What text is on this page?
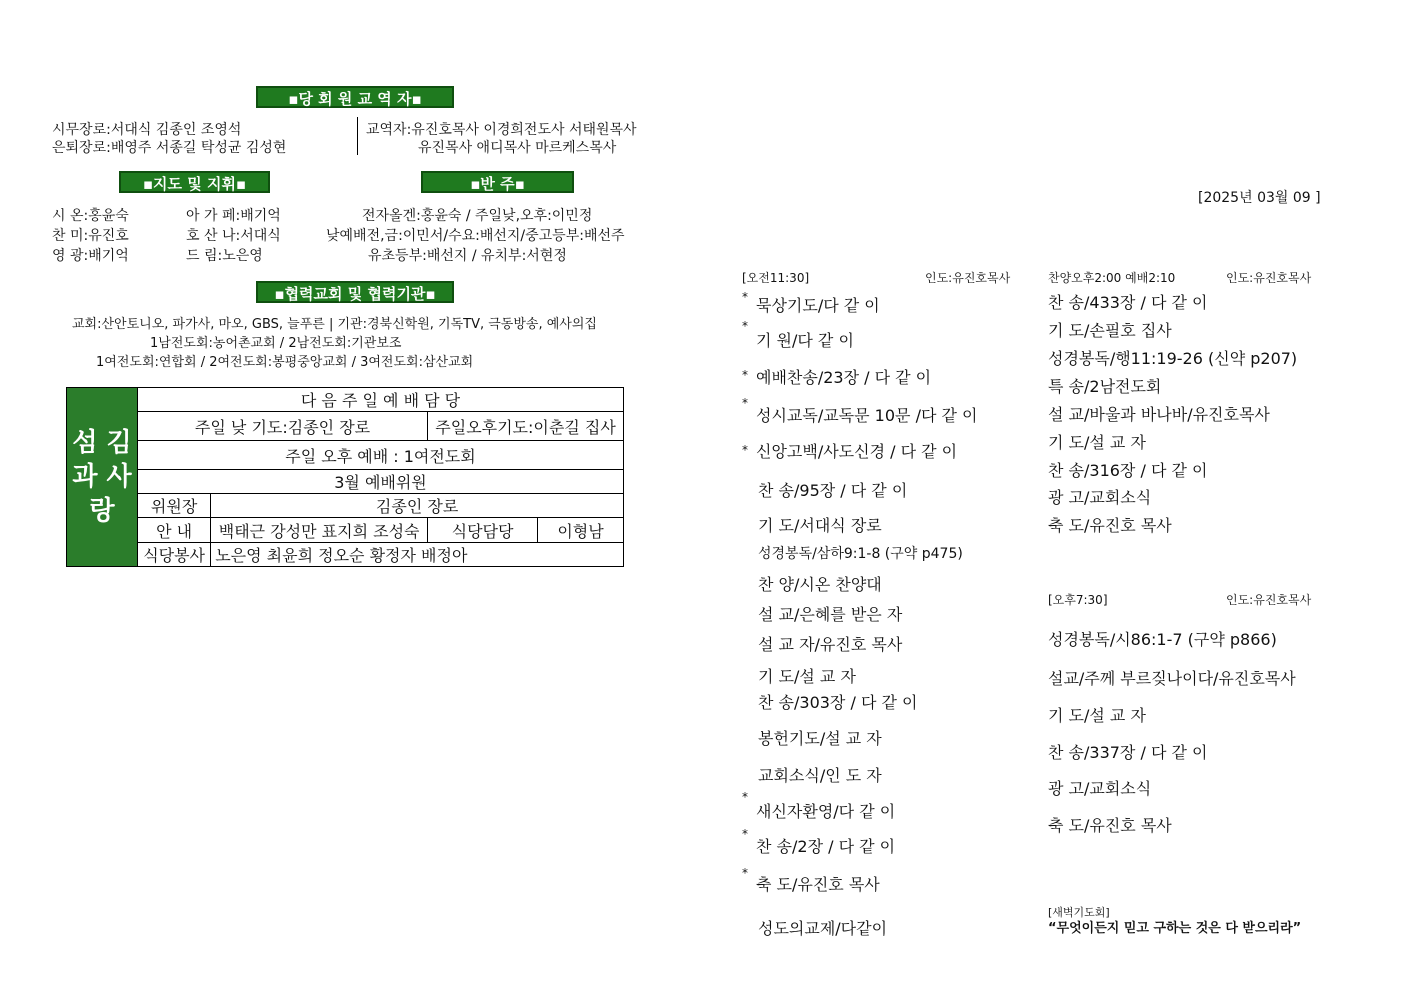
▪당 회 원 교 역 자▪
시무장로:서대식 김종인 조영석
은퇴장로:배영주 서종길 탁성균 김성현
교역자:유진호목사 이경희전도사 서태원목사
유진목사 애디목사 마르케스목사
▪지도 및 지휘▪	▪반 주▪
시 온:홍윤숙	아 가 페:배기억
찬 미:유진호	호 산 나:서대식
영 광:배기억	드 림:노은영
전자올겐:홍윤숙 / 주일낮,오후:이민정
낮예배전,금:이민서/수요:배선지/중고등부:배선주
유초등부:배선지 / 유치부:서현정
▪협력교회 및 협력기관▪
교회:산안토니오, 파가사, 마오, GBS, 늘푸른 | 기관:경북신학원, 기독TV, 극동방송, 예사의집
1남전도회:농어촌교회 / 2남전도회:기관보조
1여전도회:연합회 / 2여전도회:봉평중앙교회 / 3여전도회:삼산교회
섬 김
과 사
랑	다 음 주 일 예 배 담 당			
	주일 낮 기도:김종인 장로		주일오후기도:이춘길 집사	
	주일 오후 예배 : 1여전도회			
	3월 예배위원			
	위원장	김종인 장로		
	안 내	백태근 강성만 표지희 조성숙	식당담당	이형남
	식당봉사	노은영 최윤희 정오순 황정자 배정아		
[2025년 03월 09 ]
[오전11:30]	인도:유진호목사
* 묵상기도/다 같 이
*
기 원/다 같 이
* 예배찬송/23장 / 다 같 이
*
성시교독/교독문 10문 /다 같 이
* 신앙고백/사도신경 / 다 같 이
찬 송/95장 / 다 같 이
기 도/서대식 장로
성경봉독/삼하9:1-8 (구약 p475)
찬 양/시온 찬양대
설 교/은혜를 받은 자
설 교 자/유진호 목사
기 도/설 교 자
찬 송/303장 / 다 같 이
봉헌기도/설 교 자
교회소식/인 도 자
*
새신자환영/다 같 이
*
찬 송/2장 / 다 같 이
*
축 도/유진호 목사
성도의교제/다같이
찬양오후2:00 예배2:10	인도:유진호목사
찬 송/433장 / 다 같 이
기 도/손필호 집사
성경봉독/행11:19-26 (신약 p207)
특 송/2남전도회
설 교/바울과 바나바/유진호목사
기 도/설 교 자
찬 송/316장 / 다 같 이
광 고/교회소식
축 도/유진호 목사
[오후7:30]	인도:유진호목사
성경봉독/시86:1-7 (구약 p866)
설교/주께 부르짖나이다/유진호목사
기 도/설 교 자
찬 송/337장 / 다 같 이
광 고/교회소식
축 도/유진호 목사
[새벽기도회]
“무엇이든지 믿고 구하는 것은 다 받으리라”
